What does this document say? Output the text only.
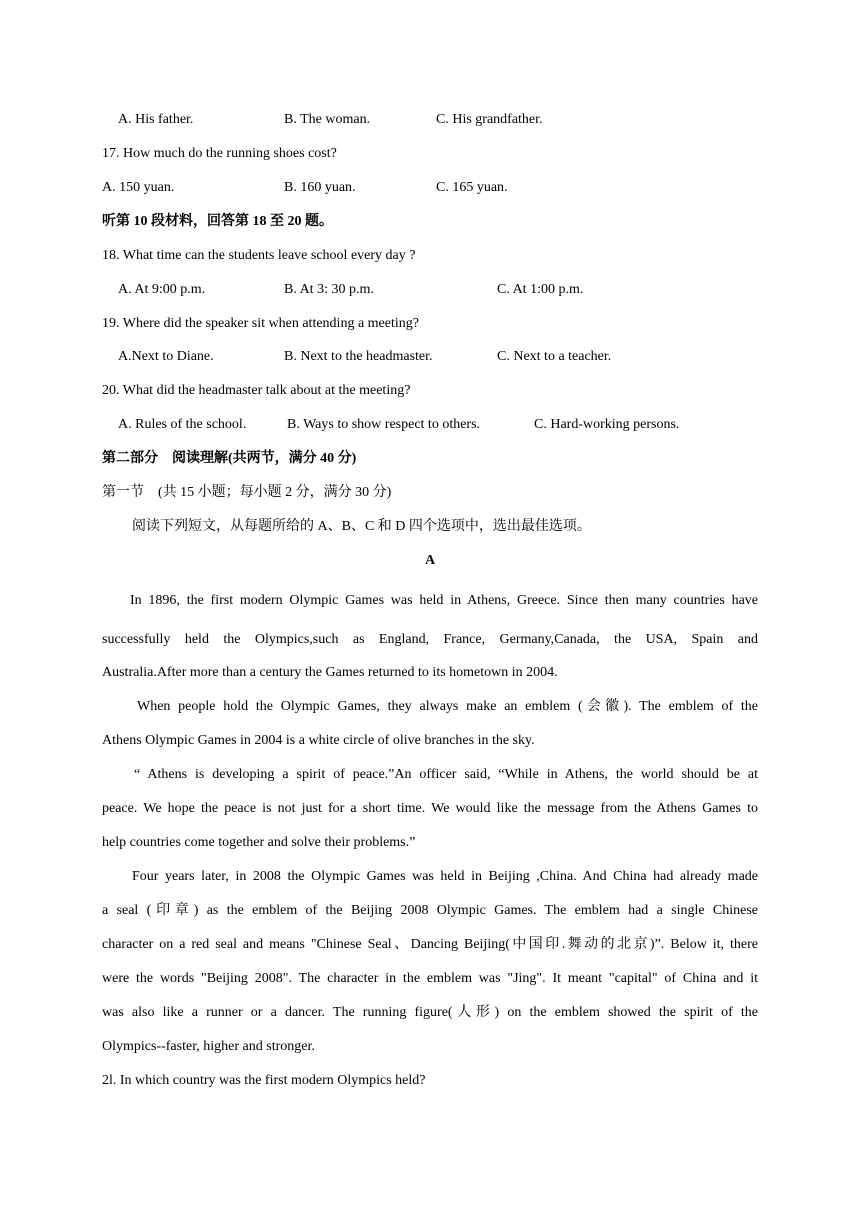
A. His father.	B. The woman.	C. His grandfather.
17. How much do the running shoes cost?
A. 150 yuan.	B. 160 yuan.	C. 165 yuan.
听第 10 段材料，回答第 18 至 20 题。
18. What time can the students leave school every day ?
A. At 9:00 p.m.	B. At 3: 30 p.m.	C. At 1:00 p.m.
19. Where did the speaker sit when attending a meeting?
A.Next to Diane.	B. Next to the headmaster.	C. Next to a teacher.
20. What did the headmaster talk about at the meeting?
A. Rules of the school.	B. Ways to show respect to others.	C. Hard-working persons.
第二部分    阅读理解(共两节，满分 40 分)
第一节    (共 15 小题；每小题 2 分，满分 30 分)
阅读下列短文，从每题所给的 A、B、C 和 D 四个选项中，选出最佳选项。
A
In 1896, the first modern Olympic Games was held in Athens, Greece. Since then many countries have
successfully held the Olympics,such as England, France, Germany,Canada, the USA, Spain and
Australia.After more than a century the Games returned to its hometown in 2004.
When people hold the Olympic Games, they always make an emblem (会徽). The emblem of the
Athens Olympic Games in 2004 is a white circle of olive branches in the sky.
“ Athens is developing a spirit of peace.”An officer said, “While in Athens, the world should be at
peace. We hope the peace is not just for a short time. We would like the message from the Athens Games to
help countries come together and solve their problems.”
Four years later, in 2008 the Olympic Games was held in Beijing ,China. And China had already made
a seal (印章) as the emblem of the Beijing 2008 Olympic Games. The emblem had a single Chinese
character on a red seal and means "Chinese Seal、Dancing Beijing(中国印.舞动的北京)”. Below it, there
were the words "Beijing 2008". The character in the emblem was "Jing". It meant "capital" of China and it
was also like a runner or a dancer. The running figure(人形) on the emblem showed the spirit of the
Olympics--faster, higher and stronger.
2l. In which country was the first modern Olympics held?
